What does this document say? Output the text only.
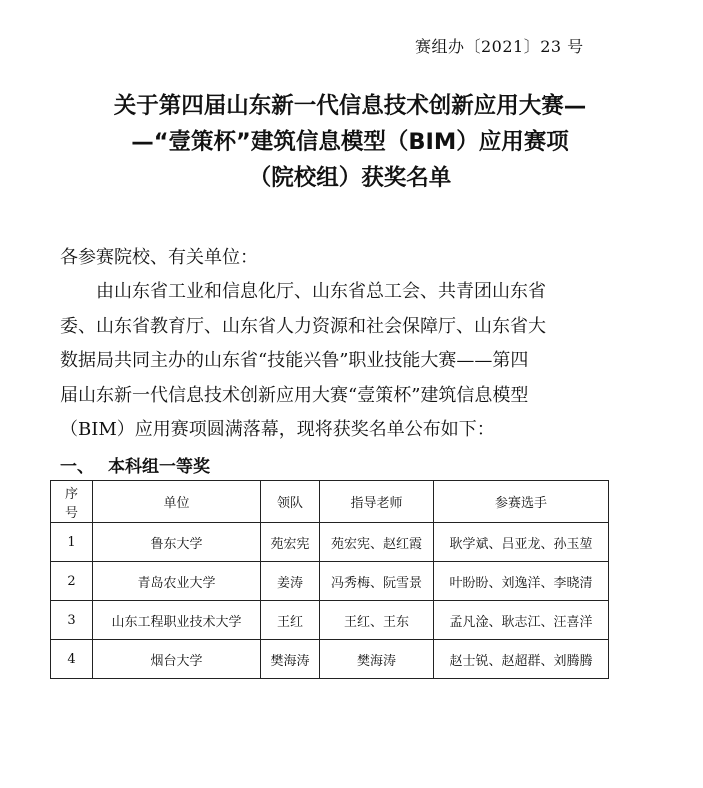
赛组办〔2021〕23 号
关于第四届山东新一代信息技术创新应用大赛—
—“壹策杯”建筑信息模型（BIM）应用赛项
（院校组）获奖名单
各参赛院校、有关单位：
　　由山东省工业和信息化厅、山东省总工会、共青团山东省
委、山东省教育厅、山东省人力资源和社会保障厅、山东省大
数据局共同主办的山东省“技能兴鲁”职业技能大赛——第四
届山东新一代信息技术创新应用大赛“壹策杯”建筑信息模型
（BIM）应用赛项圆满落幕，现将获奖名单公布如下：
一、 本科组一等奖
序
号	单位	领队	指导老师	参赛选手
1	鲁东大学	苑宏宪	苑宏宪、赵红霞	耿学斌、吕亚龙、孙玉堃
2	青岛农业大学	姜涛	冯秀梅、阮雪景	叶盼盼、刘逸洋、李晓清
3	山东工程职业技术大学	王红	王红、王东	孟凡淦、耿志江、汪喜洋
4	烟台大学	樊海涛	樊海涛	赵士锐、赵超群、刘腾腾
